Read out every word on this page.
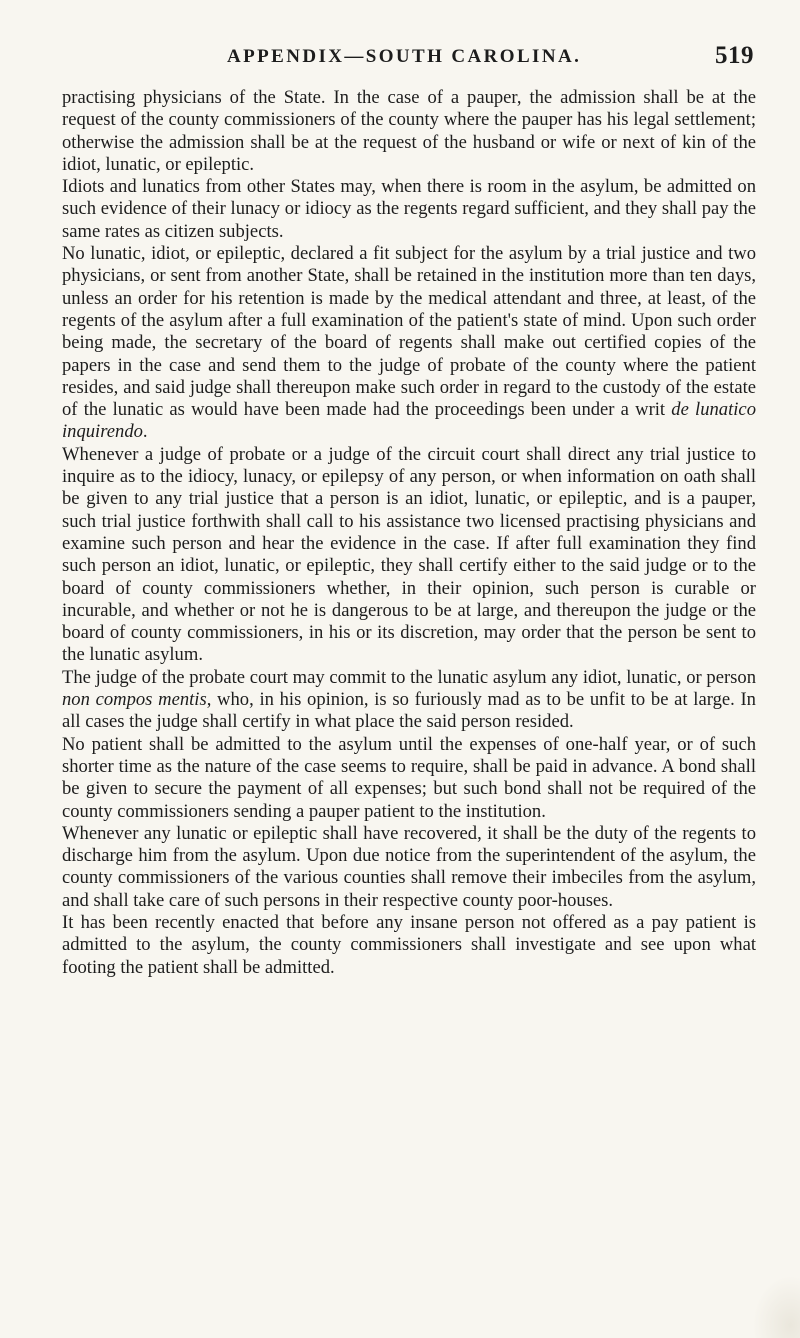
APPENDIX—SOUTH CAROLINA.	519

practising physicians of the State. In the case of a pauper, the admission shall be at the request of the county commissioners of the county where the pauper has his legal settlement; otherwise the admission shall be at the request of the husband or wife or next of kin of the idiot, lunatic, or epileptic.

Idiots and lunatics from other States may, when there is room in the asylum, be admitted on such evidence of their lunacy or idiocy as the regents regard sufficient, and they shall pay the same rates as citizen subjects.

No lunatic, idiot, or epileptic, declared a fit subject for the asylum by a trial justice and two physicians, or sent from another State, shall be retained in the institution more than ten days, unless an order for his retention is made by the medical attendant and three, at least, of the regents of the asylum after a full examination of the patient's state of mind. Upon such order being made, the secretary of the board of regents shall make out certified copies of the papers in the case and send them to the judge of probate of the county where the patient resides, and said judge shall thereupon make such order in regard to the custody of the estate of the lunatic as would have been made had the proceedings been under a writ de lunatico inquirendo.

Whenever a judge of probate or a judge of the circuit court shall direct any trial justice to inquire as to the idiocy, lunacy, or epilepsy of any person, or when information on oath shall be given to any trial justice that a person is an idiot, lunatic, or epileptic, and is a pauper, such trial justice forthwith shall call to his assistance two licensed practising physicians and examine such person and hear the evidence in the case. If after full examination they find such person an idiot, lunatic, or epileptic, they shall certify either to the said judge or to the board of county commissioners whether, in their opinion, such person is curable or incurable, and whether or not he is dangerous to be at large, and thereupon the judge or the board of county commissioners, in his or its discretion, may order that the person be sent to the lunatic asylum.

The judge of the probate court may commit to the lunatic asylum any idiot, lunatic, or person non compos mentis, who, in his opinion, is so furiously mad as to be unfit to be at large. In all cases the judge shall certify in what place the said person resided.

No patient shall be admitted to the asylum until the expenses of one-half year, or of such shorter time as the nature of the case seems to require, shall be paid in advance. A bond shall be given to secure the payment of all expenses; but such bond shall not be required of the county commissioners sending a pauper patient to the institution.

Whenever any lunatic or epileptic shall have recovered, it shall be the duty of the regents to discharge him from the asylum. Upon due notice from the superintendent of the asylum, the county commissioners of the various counties shall remove their imbeciles from the asylum, and shall take care of such persons in their respective county poor-houses.

It has been recently enacted that before any insane person not offered as a pay patient is admitted to the asylum, the county commissioners shall investigate and see upon what footing the patient shall be admitted.
